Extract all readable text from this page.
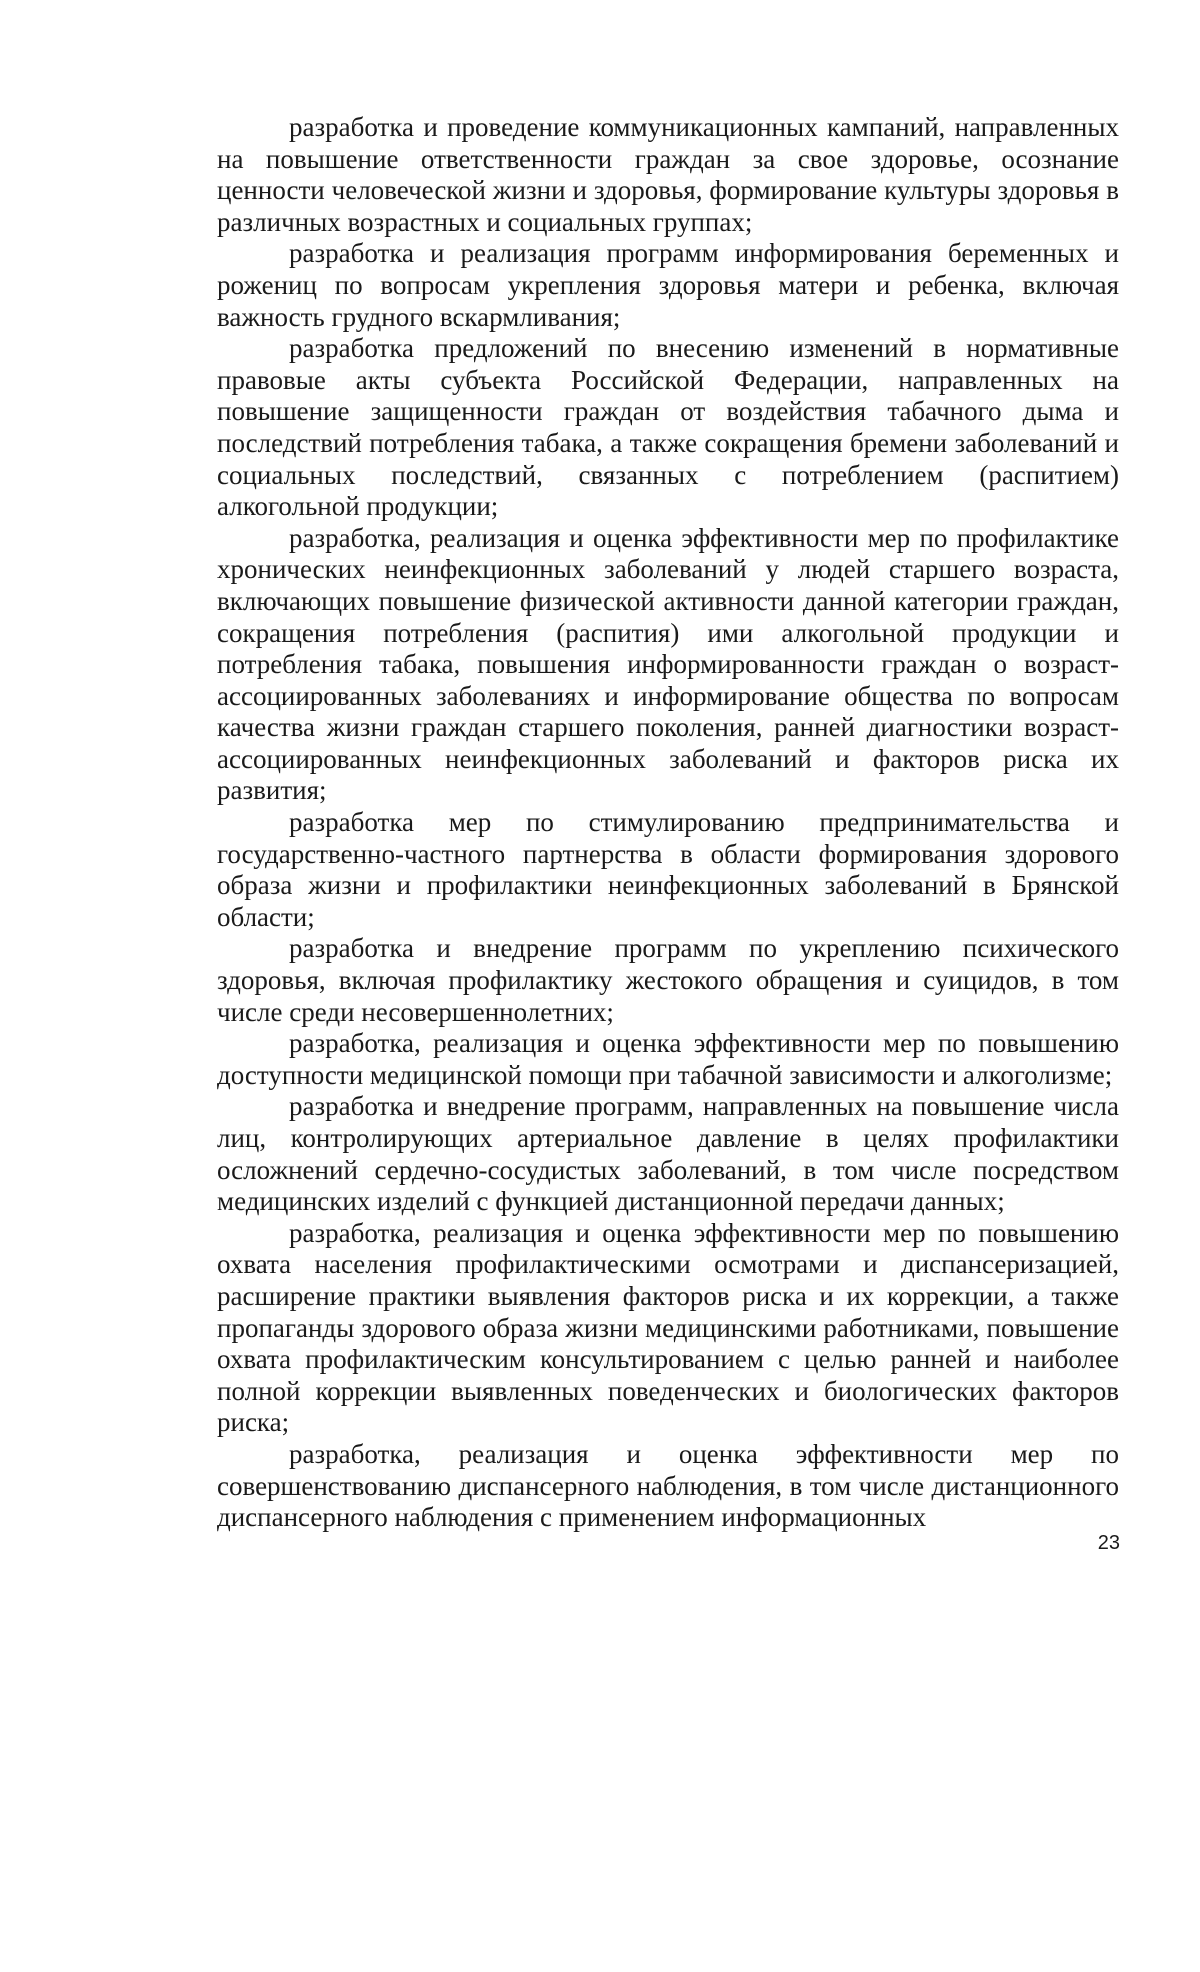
разработка и проведение коммуникационных кампаний, направленных на повышение ответственности граждан за свое здоровье, осознание ценности человеческой жизни и здоровья, формирование культуры здоровья в различных возрастных и социальных группах;

разработка и реализация программ информирования беременных и рожениц по вопросам укрепления здоровья матери и ребенка, включая важность грудного вскармливания;

разработка предложений по внесению изменений в нормативные правовые акты субъекта Российской Федерации, направленных на повышение защищенности граждан от воздействия табачного дыма и последствий потребления табака, а также сокращения бремени заболеваний и социальных последствий, связанных с потреблением (распитием) алкогольной продукции;

разработка, реализация и оценка эффективности мер по профилактике хронических неинфекционных заболеваний у людей старшего возраста, включающих повышение физической активности данной категории граждан, сокращения потребления (распития) ими алкогольной продукции и потребления табака, повышения информированности граждан о возраст-ассоциированных заболеваниях и информирование общества по вопросам качества жизни граждан старшего поколения, ранней диагностики возраст-ассоциированных неинфекционных заболеваний и факторов риска их развития;

разработка мер по стимулированию предпринимательства и государственно-частного партнерства в области формирования здорового образа жизни и профилактики неинфекционных заболеваний в Брянской области;

разработка и внедрение программ по укреплению психического здоровья, включая профилактику жестокого обращения и суицидов, в том числе среди несовершеннолетних;

разработка, реализация и оценка эффективности мер по повышению доступности медицинской помощи при табачной зависимости и алкоголизме;

разработка и внедрение программ, направленных на повышение числа лиц, контролирующих артериальное давление в целях профилактики осложнений сердечно-сосудистых заболеваний, в том числе посредством медицинских изделий с функцией дистанционной передачи данных;

разработка, реализация и оценка эффективности мер по повышению охвата населения профилактическими осмотрами и диспансеризацией, расширение практики выявления факторов риска и их коррекции, а также пропаганды здорового образа жизни медицинскими работниками, повышение охвата профилактическим консультированием с целью ранней и наиболее полной коррекции выявленных поведенческих и биологических факторов риска;

разработка, реализация и оценка эффективности мер по совершенствованию диспансерного наблюдения, в том числе дистанционного диспансерного наблюдения с применением информационных

23
